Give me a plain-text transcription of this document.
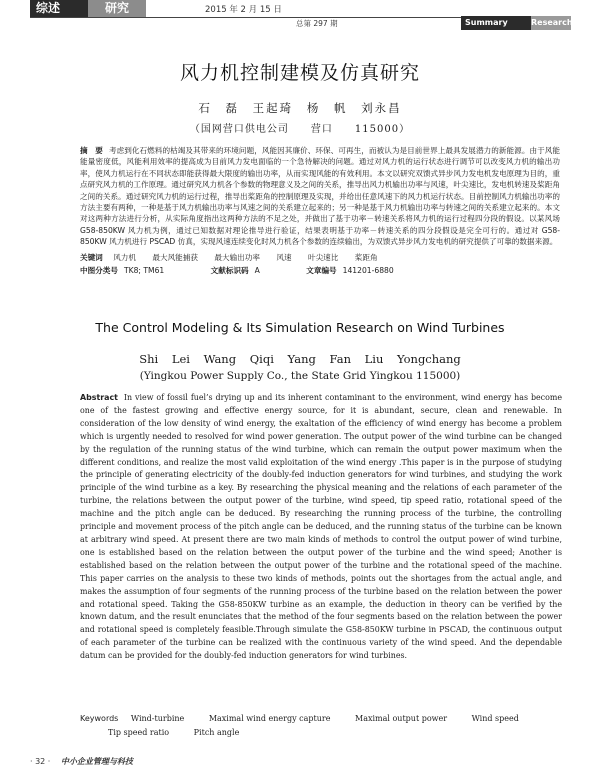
综述	研究	2015 年 2 月 15 日
总第 297 期	Summary	Research
风力机控制建模及仿真研究
石 磊 王起琦 杨 帆 刘永昌
（国网营口供电公司　　营口　　115000）
摘　要 考虑到化石燃料的枯竭及其带来的环境问题，风能因其廉价、环保、可再生，而被认为是目前世界上最具发展潜力的新能源。由于风能能量密度低，风能利用效率的提高成为目前风力发电面临的一个急待解决的问题。通过对风力机的运行状态进行调节可以改变风力机的输出功率，使风力机运行在不同状态即能获得最大限度的输出功率，从而实现风能的有效利用。本文以研究双馈式异步风力发电机发电原理为目的，重点研究风力机的工作原理。通过研究风力机各个参数的物理意义及之间的关系，推导出风力机输出功率与风速，叶尖速比，发电机转速及桨距角之间的关系。通过研究风力机的运行过程，推导出桨距角的控制原理及实现，并给出任意风速下的风力机运行状态。目前控制风力机输出功率的方法主要有两种，一种是基于风力机输出功率与风速之间的关系建立起来的；另一种是基于风力机输出功率与转速之间的关系建立起来的。本文对这两种方法进行分析，从实际角度指出这两种方法的不足之处，并做出了基于功率－转速关系将风力机的运行过程四分段的假设。以某风场 G58-850KW 风力机为例，通过已知数据对理论推导进行验证，结果表明基于功率－转速关系的四分段假设是完全可行的。通过对 G58-850KW 风力机进行 PSCAD 仿真，实现风速连续变化时风力机各个参数的连续输出，为双馈式异步风力发电机的研究提供了可靠的数据来源。
关键词 风力机 最大风能捕获 最大输出功率 风速 叶尖速比 桨距角
中图分类号 TK8; TM61	文献标识码 A	文章编号 141201-6880
The Control Modeling & Its Simulation Research on Wind Turbines
Shi Lei Wang Qiqi Yang Fan Liu Yongchang
(Yingkou Power Supply Co., the State Grid Yingkou 115000)
Abstract In view of fossil fuel’s drying up and its inherent contaminant to the environment, wind energy has become one of the fastest growing and effective energy source, for it is abundant, secure, clean and renewable. In consideration of the low density of wind energy, the exaltation of the efficiency of wind energy has become a problem which is urgently needed to resolved for wind power generation. The output power of the wind turbine can be changed by the regulation of the running status of the wind turbine, which can remain the output power maximum when the different conditions, and realize the most valid exploitation of the wind energy .This paper is in the purpose of studying the principle of generating electricity of the doubly-fed induction generators for wind turbines, and studying the work principle of the wind turbine as a key. By researching the physical meaning and the relations of each parameter of the turbine, the relations between the output power of the turbine, wind speed, tip speed ratio, rotational speed of the machine and the pitch angle can be deduced. By researching the running process of the turbine, the controlling principle and movement process of the pitch angle can be deduced, and the running status of the turbine can be known at arbitrary wind speed. At present there are two main kinds of methods to control the output power of wind turbine, one is established based on the relation between the output power of the turbine and the wind speed; Another is established based on the relation between the output power of the turbine and the rotational speed of the machine. This paper carries on the analysis to these two kinds of methods, points out the shortages from the actual angle, and makes the assumption of four segments of the running process of the turbine based on the relation between the power and rotational speed. Taking the G58-850KW turbine as an example, the deduction in theory can be verified by the known datum, and the result enunciates that the method of the four segments based on the relation between the power and rotational speed is completely feasible.Through simulate the G58-850KW turbine in PSCAD, the continuous output of each parameter of the turbine can be realized with the continuous variety of the wind speed. And the dependable datum can be provided for the doubly-fed induction generators for wind turbines.
Keywords Wind-turbine	Maximal wind energy capture	Maximal output power	Wind speed
Tip speed ratio	Pitch angle
· 32 · 中小企业管理与科技
